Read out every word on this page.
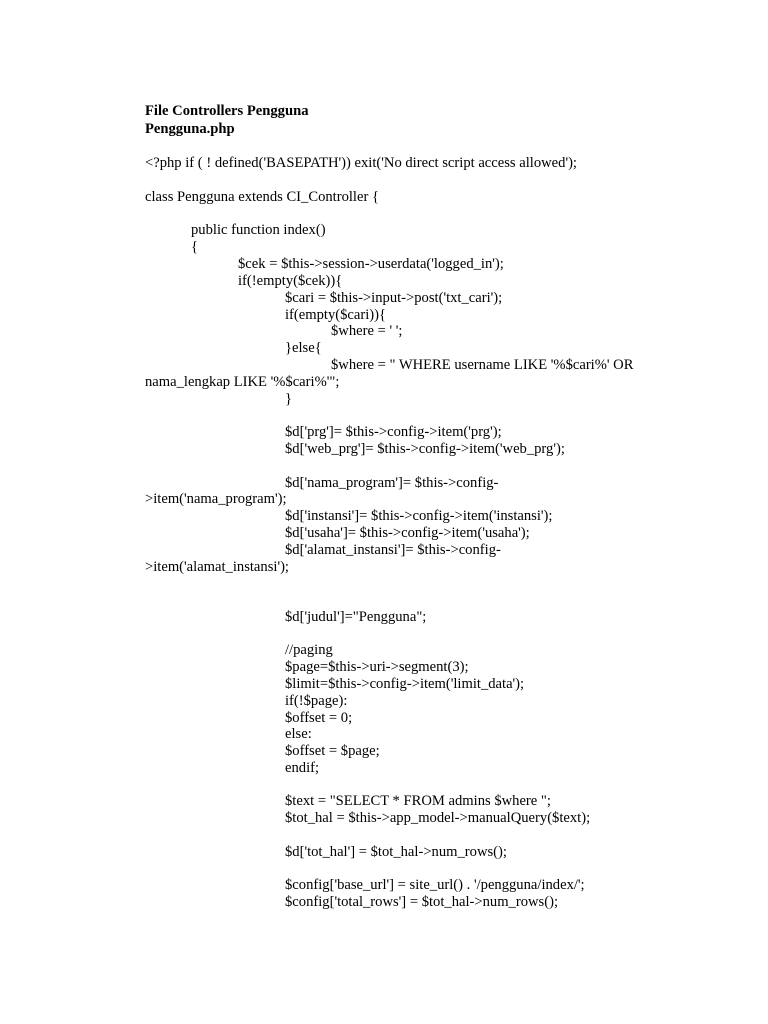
File Controllers Pengguna
Pengguna.php
<?php if ( ! defined('BASEPATH')) exit('No direct script access allowed');
class Pengguna extends CI_Controller {
public function index()
{
$cek = $this->session->userdata('logged_in');
if(!empty($cek)){
$cari = $this->input->post('txt_cari');
if(empty($cari)){
$where = ' ';
}else{
$where = " WHERE username LIKE '%$cari%' OR
nama_lengkap LIKE '%$cari%'";
}
$d['prg']= $this->config->item('prg');
$d['web_prg']= $this->config->item('web_prg');
$d['nama_program']= $this->config-
>item('nama_program');
$d['instansi']= $this->config->item('instansi');
$d['usaha']= $this->config->item('usaha');
$d['alamat_instansi']= $this->config-
>item('alamat_instansi');
$d['judul']="Pengguna";
//paging
$page=$this->uri->segment(3);
$limit=$this->config->item('limit_data');
if(!$page):
$offset = 0;
else:
$offset = $page;
endif;
$text = "SELECT * FROM admins $where ";
$tot_hal = $this->app_model->manualQuery($text);
$d['tot_hal'] = $tot_hal->num_rows();
$config['base_url'] = site_url() . '/pengguna/index/';
$config['total_rows'] = $tot_hal->num_rows();
